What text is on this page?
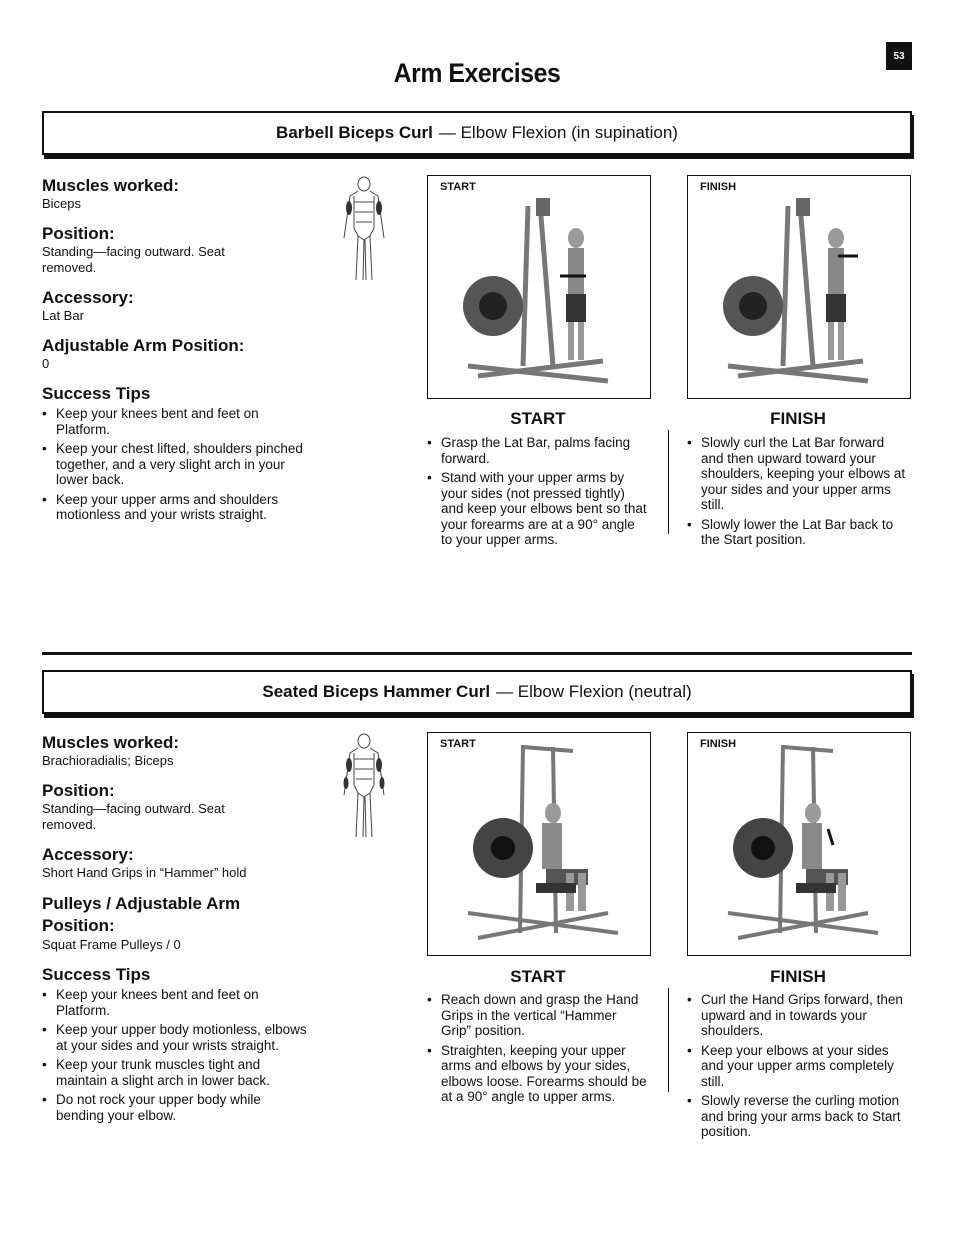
53
Arm Exercises
Barbell Biceps Curl — Elbow Flexion (in supination)

Muscles worked:

Biceps

Position:

Standing—facing outward. Seat removed.

Accessory:

Lat Bar

Adjustable Arm Position:

0

Success Tips

• Keep your knees bent and feet on Platform.
• Keep your chest lifted, shoulders pinched together, and a very slight arch in your lower back.
• Keep your upper arms and shoulders motionless and your wrists straight.
START	FINISH
START	FINISH
• Grasp the Lat Bar, palms facing forward.
• Stand with your upper arms by your sides (not pressed tightly) and keep your elbows bent so that your forearms are at a 90° angle to your upper arms.
• Slowly curl the Lat Bar forward and then upward toward your shoulders, keeping your elbows at your sides and your upper arms still.
• Slowly lower the Lat Bar back to the Start position.
Seated Biceps Hammer Curl — Elbow Flexion (neutral)

Muscles worked:

Brachioradialis; Biceps

Position:

Standing—facing outward. Seat removed.

Accessory:

Short Hand Grips in “Hammer” hold

Pulleys / Adjustable Arm Position:

Squat Frame Pulleys / 0

Success Tips

• Keep your knees bent and feet on Platform.
• Keep your upper body motionless, elbows at your sides and your wrists straight.
• Keep your trunk muscles tight and maintain a slight arch in lower back.
• Do not rock your upper body while bending your elbow.
START	FINISH
START	FINISH
• Reach down and grasp the Hand Grips in the vertical “Hammer Grip” position.
• Straighten, keeping your upper arms and elbows by your sides, elbows loose. Forearms should be at a 90° angle to upper arms.
• Curl the Hand Grips forward, then upward and in towards your shoulders.
• Keep your elbows at your sides and your upper arms completely still.
• Slowly reverse the curling motion and bring your arms back to Start position.
